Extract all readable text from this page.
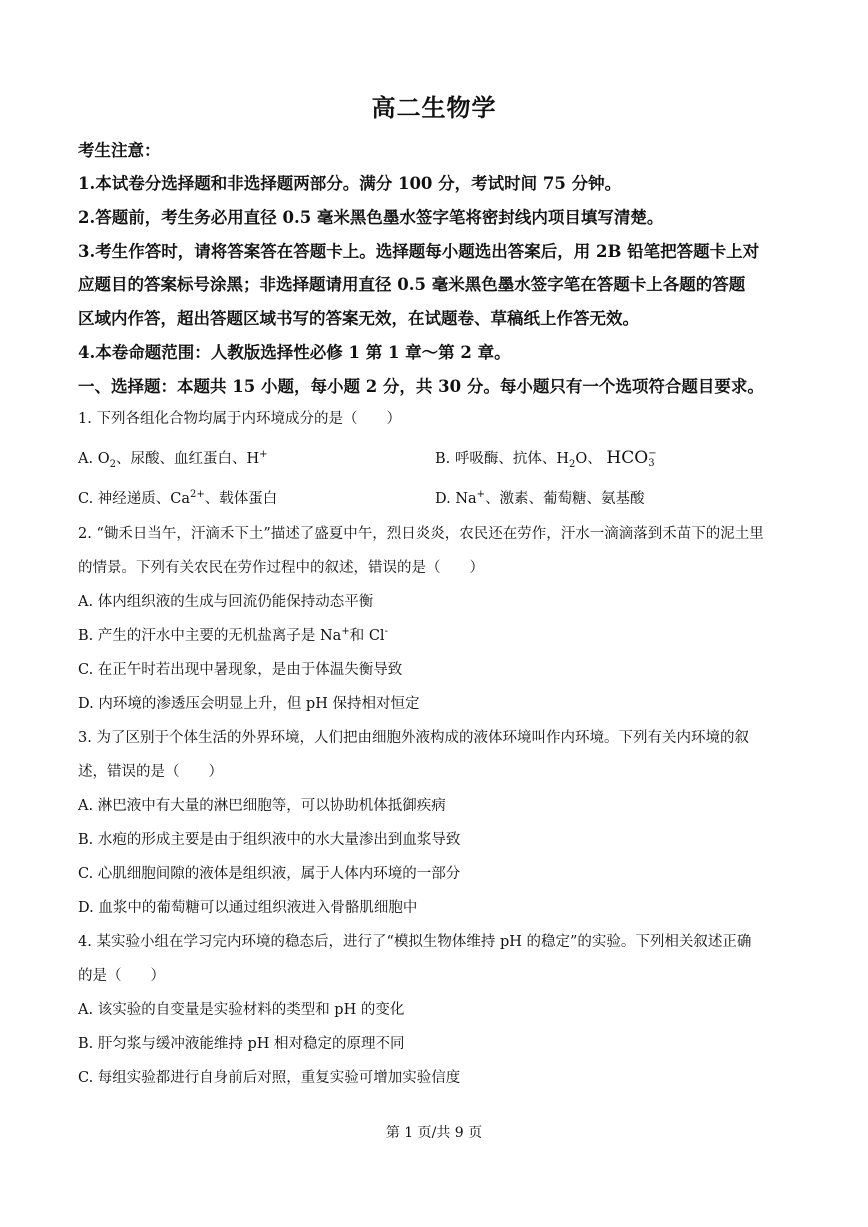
高二生物学
考生注意：
1.本试卷分选择题和非选择题两部分。满分 100 分，考试时间 75 分钟。
2.答题前，考生务必用直径 0.5 毫米黑色墨水签字笔将密封线内项目填写清楚。
3.考生作答时，请将答案答在答题卡上。选择题每小题选出答案后，用 2B 铅笔把答题卡上对
应题目的答案标号涂黑；非选择题请用直径 0.5 毫米黑色墨水签字笔在答题卡上各题的答题
区域内作答，超出答题区域书写的答案无效，在试题卷、草稿纸上作答无效。
4.本卷命题范围：人教版选择性必修 1 第 1 章～第 2 章。
一、选择题：本题共 15 小题，每小题 2 分，共 30 分。每小题只有一个选项符合题目要求。
1. 下列各组化合物均属于内环境成分的是（　　）
A. $O_2$、尿酸、血红蛋白、H+	B. 呼吸酶、抗体、$H_2O$、 HCO −
3
C. 神经递质、$Ca^{2+}$、载体蛋白	D. Na+、激素、葡萄糖、氨基酸
2. “锄禾日当午，汗滴禾下土”描述了盛夏中午，烈日炎炎，农民还在劳作，汗水一滴滴落到禾苗下的泥土里
的情景。下列有关农民在劳作过程中的叙述，错误的是（　　）
A. 体内组织液的生成与回流仍能保持动态平衡
B. 产生的汗水中主要的无机盐离子是 Na+和 Cl-
C. 在正午时若出现中暑现象，是由于体温失衡导致
D. 内环境的渗透压会明显上升，但 pH 保持相对恒定
3. 为了区别于个体生活的外界环境，人们把由细胞外液构成的液体环境叫作内环境。下列有关内环境的叙
述，错误的是（　　）
A. 淋巴液中有大量的淋巴细胞等，可以协助机体抵御疾病
B. 水疱的形成主要是由于组织液中的水大量渗出到血浆导致
C. 心肌细胞间隙的液体是组织液，属于人体内环境的一部分
D. 血浆中的葡萄糖可以通过组织液进入骨骼肌细胞中
4. 某实验小组在学习完内环境的稳态后，进行了“模拟生物体维持 pH 的稳定”的实验。下列相关叙述正确
的是（　　）
A. 该实验的自变量是实验材料的类型和 pH 的变化
B. 肝匀浆与缓冲液能维持 pH 相对稳定的原理不同
C. 每组实验都进行自身前后对照，重复实验可增加实验信度
第 1 页/共 9 页
